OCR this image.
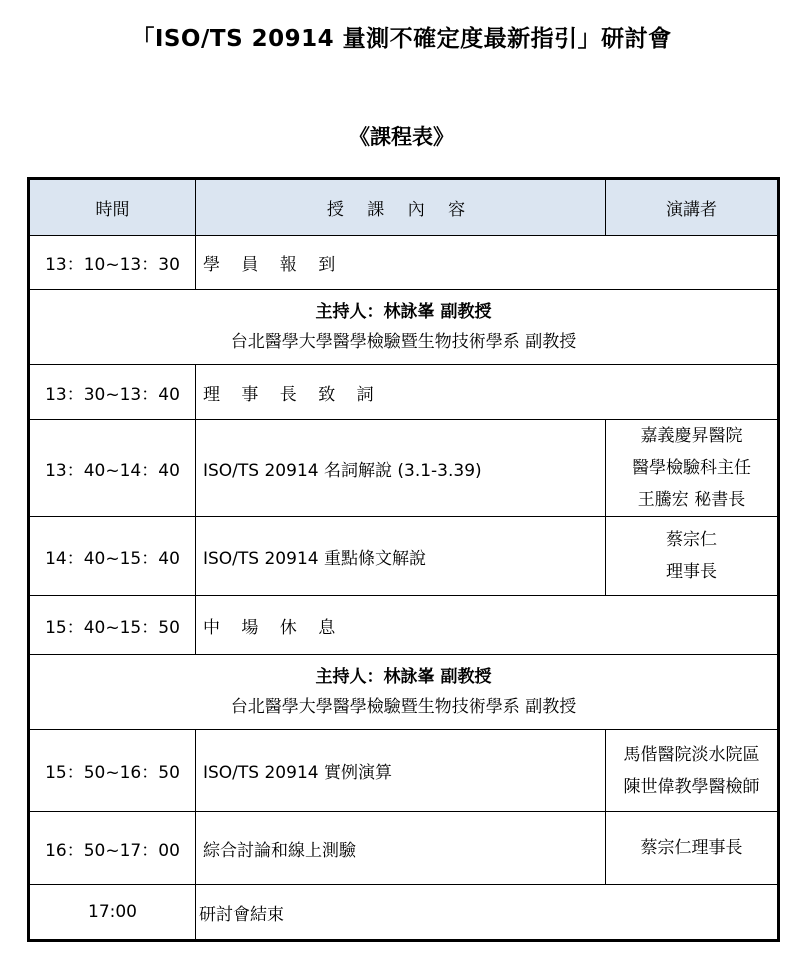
「ISO/TS 20914 量測不確定度最新指引」研討會
《課程表》
時間	授 課 內 容	演講者
13：10~13：30	學 員 報 到	

主持人：林詠峯 副教授
台北醫學大學醫學檢驗暨生物技術學系 副教授		

13：30~13：40	理 事 長 致 詞	
13：40~14：40	ISO/TS 20914 名詞解說 (3.1-3.39)	嘉義慶昇醫院
醫學檢驗科主任
王騰宏 秘書長

14：40~15：40	ISO/TS 20914 重點條文解說	蔡宗仁
理事長

15：40~15：50	中 場 休 息	

主持人：林詠峯 副教授
台北醫學大學醫學檢驗暨生物技術學系 副教授		

15：50~16：50	ISO/TS 20914 實例演算	馬偕醫院淡水院區
陳世偉教學醫檢師

16：50~17：00	綜合討論和線上測驗	蔡宗仁理事長

17:00	研討會結束	
